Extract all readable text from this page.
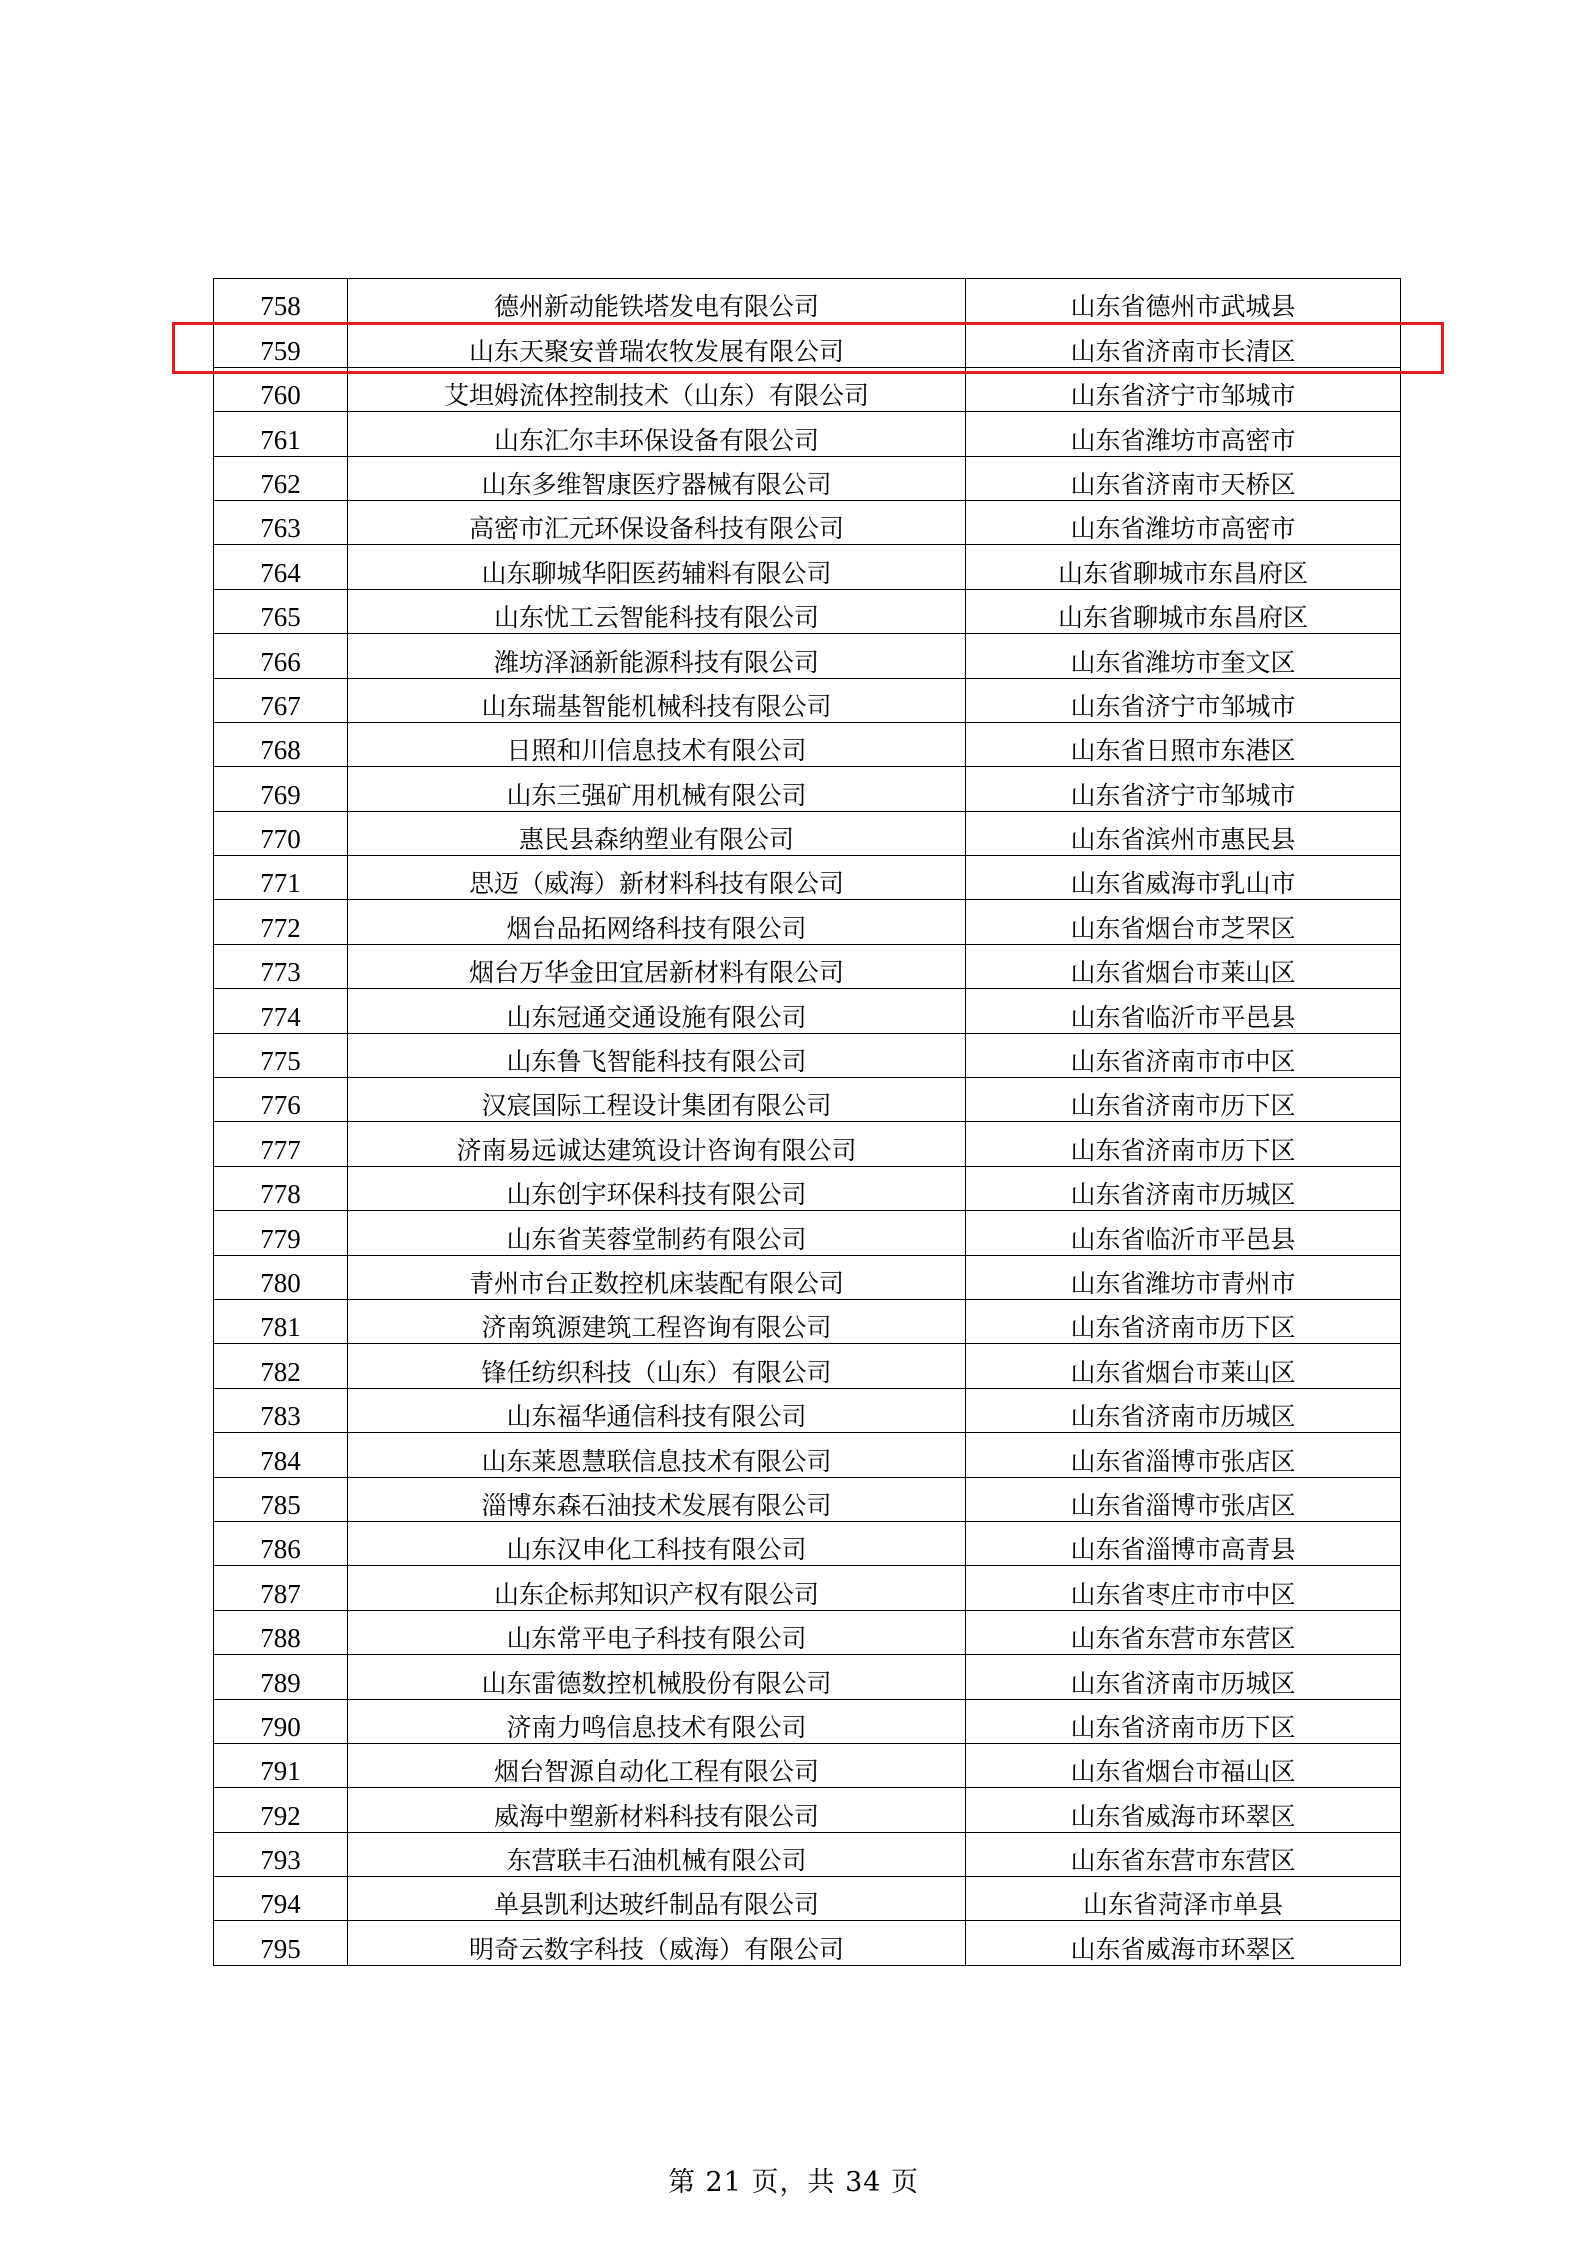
758	德州新动能铁塔发电有限公司	山东省德州市武城县
759	山东天聚安普瑞农牧发展有限公司	山东省济南市长清区
760	艾坦姆流体控制技术（山东）有限公司	山东省济宁市邹城市
761	山东汇尔丰环保设备有限公司	山东省潍坊市高密市
762	山东多维智康医疗器械有限公司	山东省济南市天桥区
763	高密市汇元环保设备科技有限公司	山东省潍坊市高密市
764	山东聊城华阳医药辅料有限公司	山东省聊城市东昌府区
765	山东忧工云智能科技有限公司	山东省聊城市东昌府区
766	潍坊泽涵新能源科技有限公司	山东省潍坊市奎文区
767	山东瑞基智能机械科技有限公司	山东省济宁市邹城市
768	日照和川信息技术有限公司	山东省日照市东港区
769	山东三强矿用机械有限公司	山东省济宁市邹城市
770	惠民县森纳塑业有限公司	山东省滨州市惠民县
771	思迈（威海）新材料科技有限公司	山东省威海市乳山市
772	烟台品拓网络科技有限公司	山东省烟台市芝罘区
773	烟台万华金田宜居新材料有限公司	山东省烟台市莱山区
774	山东冠通交通设施有限公司	山东省临沂市平邑县
775	山东鲁飞智能科技有限公司	山东省济南市市中区
776	汉宸国际工程设计集团有限公司	山东省济南市历下区
777	济南易远诚达建筑设计咨询有限公司	山东省济南市历下区
778	山东创宇环保科技有限公司	山东省济南市历城区
779	山东省芙蓉堂制药有限公司	山东省临沂市平邑县
780	青州市台正数控机床装配有限公司	山东省潍坊市青州市
781	济南筑源建筑工程咨询有限公司	山东省济南市历下区
782	锋任纺织科技（山东）有限公司	山东省烟台市莱山区
783	山东福华通信科技有限公司	山东省济南市历城区
784	山东莱恩慧联信息技术有限公司	山东省淄博市张店区
785	淄博东森石油技术发展有限公司	山东省淄博市张店区
786	山东汉申化工科技有限公司	山东省淄博市高青县
787	山东企标邦知识产权有限公司	山东省枣庄市市中区
788	山东常平电子科技有限公司	山东省东营市东营区
789	山东雷德数控机械股份有限公司	山东省济南市历城区
790	济南力鸣信息技术有限公司	山东省济南市历下区
791	烟台智源自动化工程有限公司	山东省烟台市福山区
792	威海中塑新材料科技有限公司	山东省威海市环翠区
793	东营联丰石油机械有限公司	山东省东营市东营区
794	单县凯利达玻纤制品有限公司	山东省菏泽市单县
795	明奇云数字科技（威海）有限公司	山东省威海市环翠区
第 21 页，共 34 页
